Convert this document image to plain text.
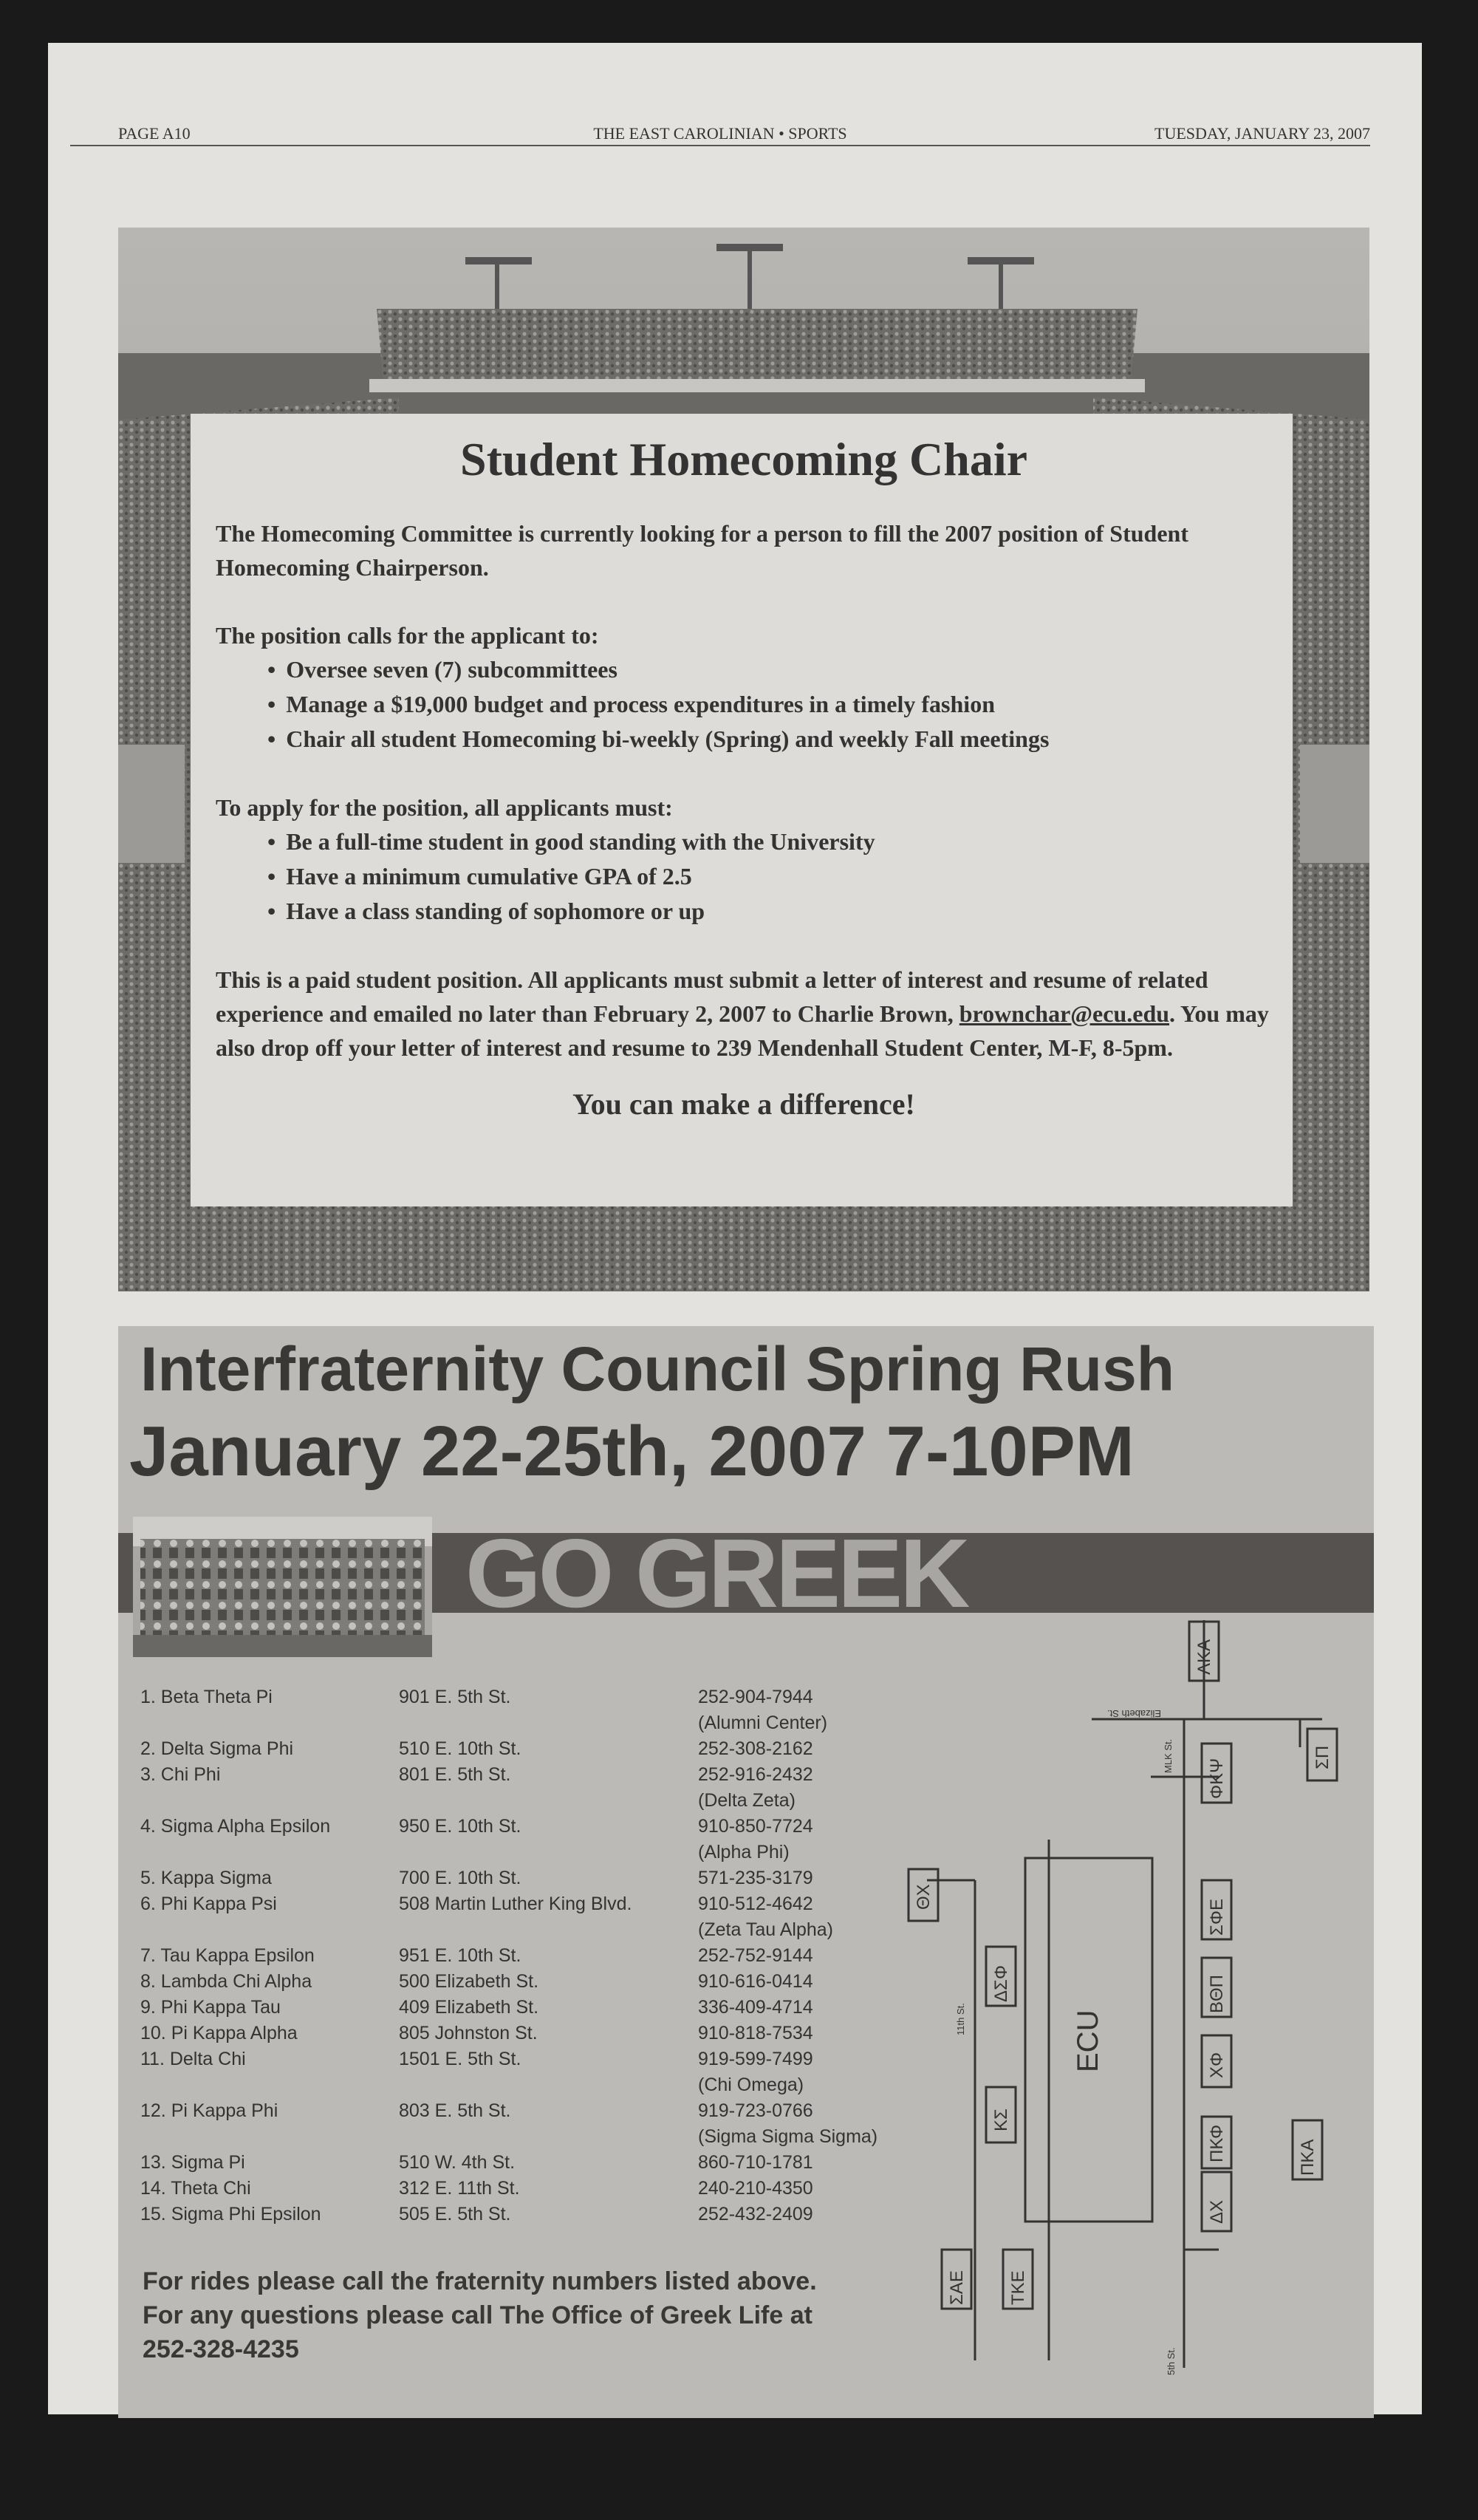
PAGE A10	THE EAST CAROLINIAN • SPORTS	TUESDAY, JANUARY 23, 2007
Student Homecoming Chair

The Homecoming Committee is currently looking for a person to fill the 2007 position of Student Homecoming Chairperson.

The position calls for the applicant to:

• Oversee seven (7) subcommittees
• Manage a $19,000 budget and process expenditures in a timely fashion
• Chair all student Homecoming bi-weekly (Spring) and weekly Fall meetings

To apply for the position, all applicants must:

• Be a full-time student in good standing with the University
• Have a minimum cumulative GPA of 2.5
• Have a class standing of sophomore or up

This is a paid student position. All applicants must submit a letter of interest and resume of related experience and emailed no later than February 2, 2007 to Charlie Brown, brownchar@ecu.edu. You may also drop off your letter of interest and resume to 239 Mendenhall Student Center, M-F, 8-5pm.

You can make a difference!
Interfraternity Council Spring Rush
January 22-25th, 2007 7-10PM
GO GREEK
1. Beta Theta Pi	901 E. 5th St.	252-904-7944
(Alumni Center)
2. Delta Sigma Phi	510 E. 10th St.	252-308-2162
3. Chi Phi	801 E. 5th St.	252-916-2432
(Delta Zeta)
4. Sigma Alpha Epsilon	950 E. 10th St.	910-850-7724
(Alpha Phi)
5. Kappa Sigma	700 E. 10th St.	571-235-3179
6. Phi Kappa Psi	508 Martin Luther King Blvd.	910-512-4642
(Zeta Tau Alpha)
7. Tau Kappa Epsilon	951 E. 10th St.	252-752-9144
8. Lambda Chi Alpha	500 Elizabeth St.	910-616-0414
9. Phi Kappa Tau	409 Elizabeth St.	336-409-4714
10. Pi Kappa Alpha	805 Johnston St.	910-818-7534
11. Delta Chi	1501 E. 5th St.	919-599-7499
(Chi Omega)
12. Pi Kappa Phi	803 E. 5th St.	919-723-0766
(Sigma Sigma Sigma)
13. Sigma Pi	510 W. 4th St.	860-710-1781
14. Theta Chi	312 E. 11th St.	240-210-4350
15. Sigma Phi Epsilon	505 E. 5th St.	252-432-2409
Elizabeth St.
MLK St.
11th St.
5th St.
ECU
ΛΚΑ
ΣΠ
ΦΚΨ
ΣΦΕ
ΘΧ
ΔΣΦ	ΒΘΠ
ΧΦ
ΚΣ
ΠΚΑ
ΔΧ
ΠΚΦ
ΣΑΕ ΤΚΕ
For rides please call the fraternity numbers listed above.
For any questions please call The Office of Greek Life at
252-328-4235
